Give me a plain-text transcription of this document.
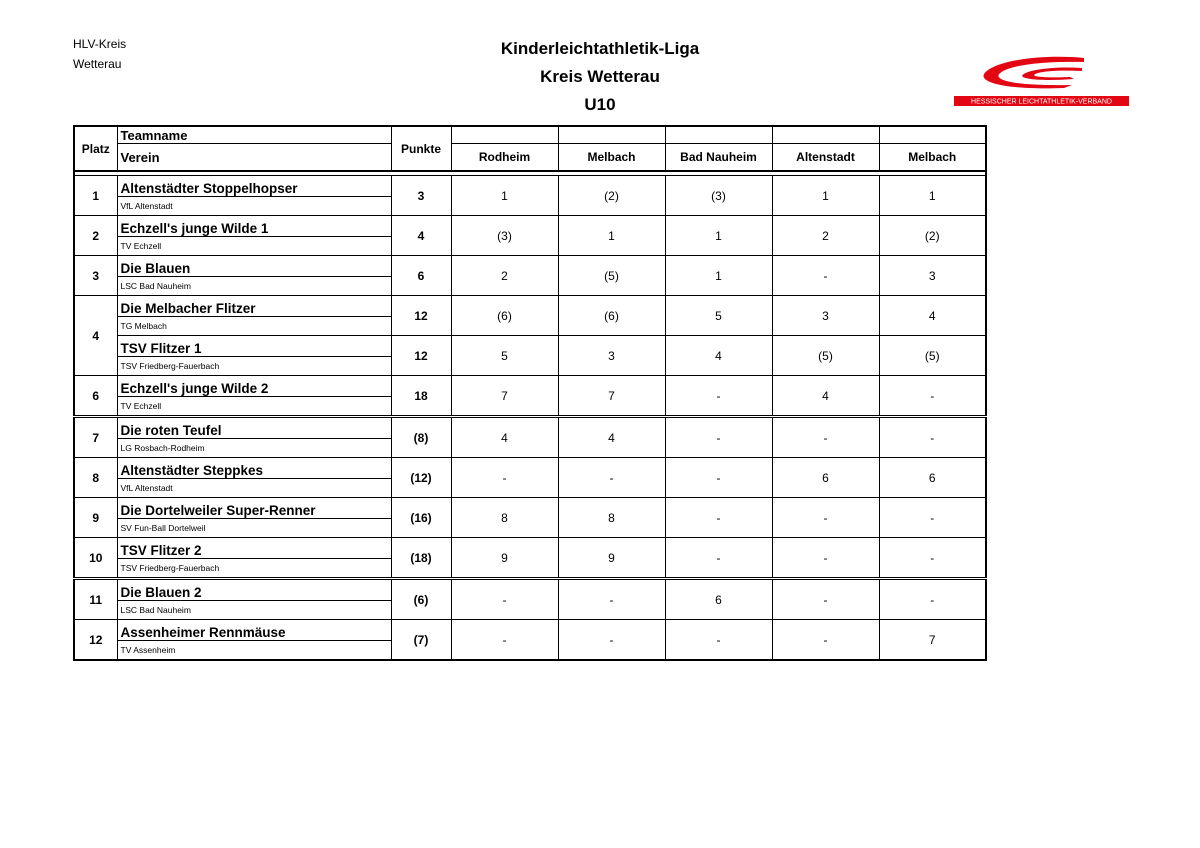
HLV-Kreis
Wetterau
Kinderleichtathletik-Liga
Kreis Wetterau
U10	HESSISCHER LEICHTATHLETIK-VERBAND
Platz	Teamname	Punkte					
	Verein		Rodheim	Melbach	Bad Nauheim	Altenstadt	Melbach

1	Altenstädter Stoppelhopser	3	1	(2)	(3)	1	1
	VfL Altenstadt						
2	Echzell's junge Wilde 1	4	(3)	1	1	2	(2)
	TV Echzell						
3	Die Blauen	6	2	(5)	1	-	3
	LSC Bad Nauheim						
4	Die Melbacher Flitzer	12	(6)	(6)	5	3	4
	TG Melbach						
	TSV Flitzer 1	12	5	3	4	(5)	(5)
	TSV Friedberg-Fauerbach						
6	Echzell's junge Wilde 2	18	7	7	-	4	-
	TV Echzell						
7	Die roten Teufel	(8)	4	4	-	-	-
	LG Rosbach-Rodheim						
8	Altenstädter Steppkes	(12)	-	-	-	6	6
	VfL Altenstadt						
9	Die Dortelweiler Super-Renner	(16)	8	8	-	-	-
	SV Fun-Ball Dortelweil						
10	TSV Flitzer 2	(18)	9	9	-	-	-
	TSV Friedberg-Fauerbach						
11	Die Blauen 2	(6)	-	-	6	-	-
	LSC Bad Nauheim						
12	Assenheimer Rennmäuse	(7)	-	-	-	-	7
	TV Assenheim						
